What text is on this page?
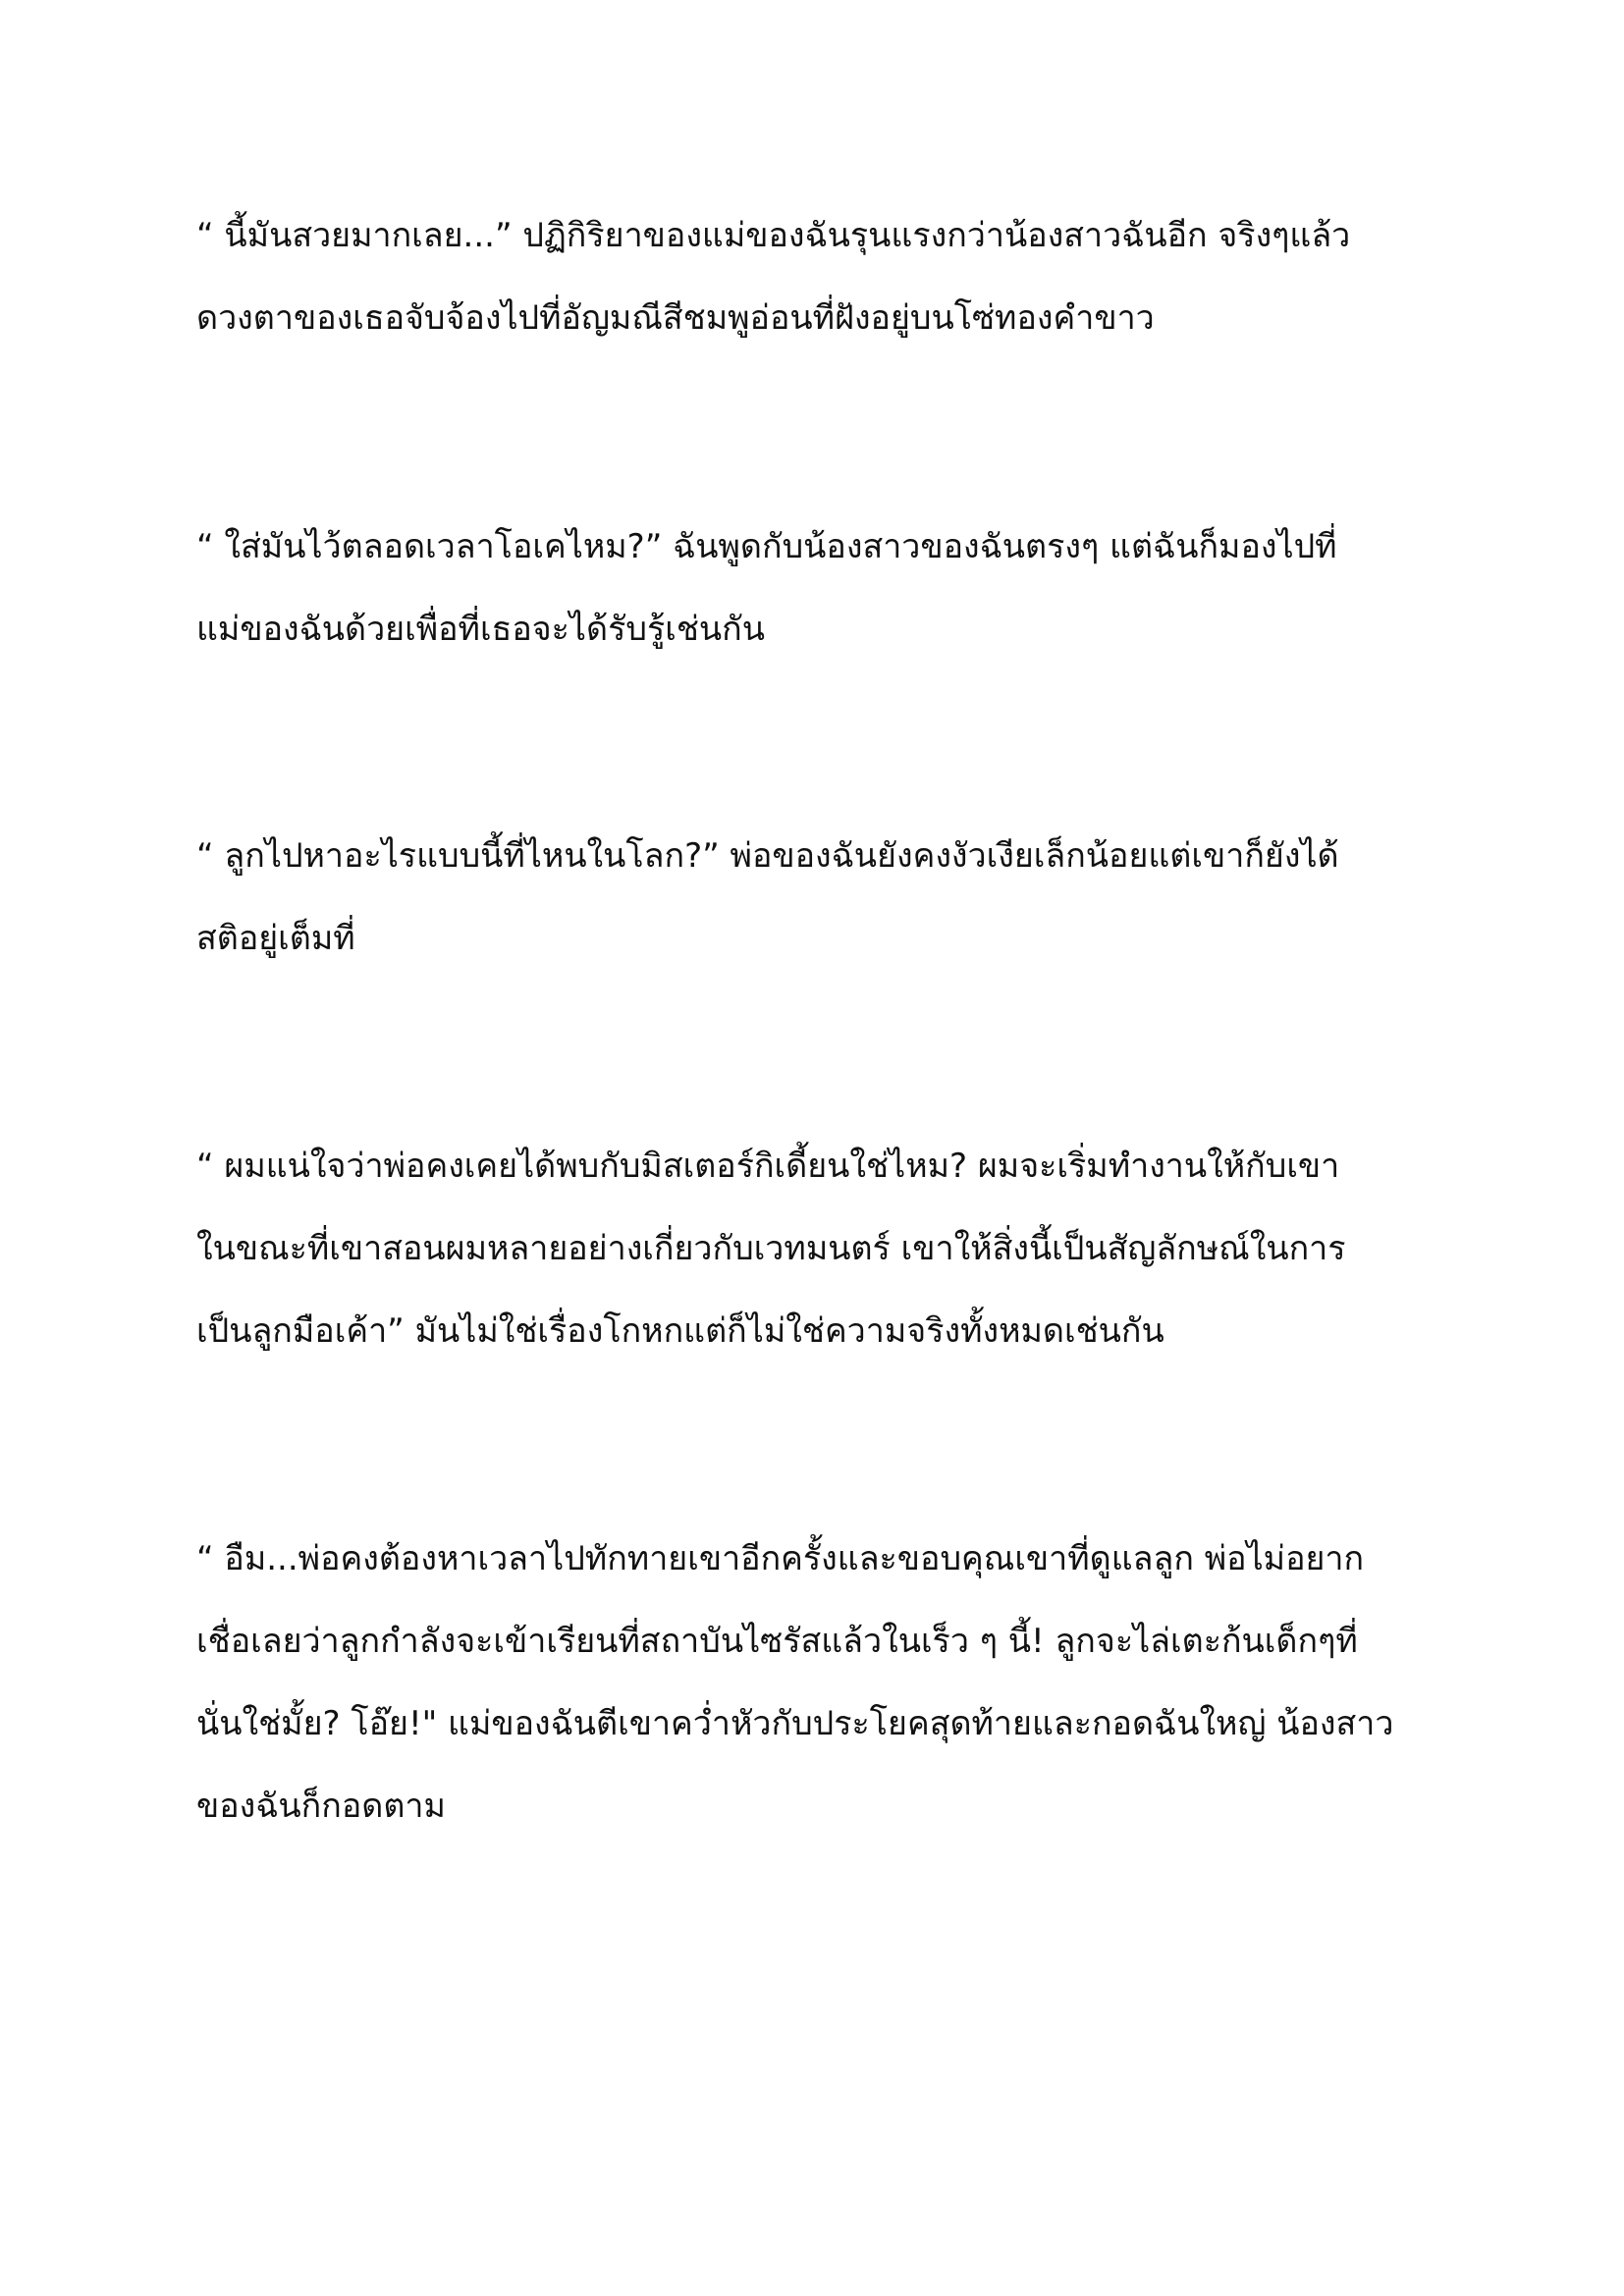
“ นี้มันสวยมากเลย...” ปฏิกิริยาของแม่ของฉันรุนแรงกว่าน้องสาวฉันอีก จริงๆแล้ว
ดวงตาของเธอจับจ้องไปที่อัญมณีสีชมพูอ่อนที่ฝังอยู่บนโซ่ทองคำขาว

“ ใส่มันไว้ตลอดเวลาโอเคไหม?” ฉันพูดกับน้องสาวของฉันตรงๆ แต่ฉันก็มองไปที่
แม่ของฉันด้วยเพื่อที่เธอจะได้รับรู้เช่นกัน

“ ลูกไปหาอะไรแบบนี้ที่ไหนในโลก?” พ่อของฉันยังคงงัวเงียเล็กน้อยแต่เขาก็ยังได้
สติอยู่เต็มที่

“ ผมแน่ใจว่าพ่อคงเคยได้พบกับมิสเตอร์กิเดี้ยนใช่ไหม? ผมจะเริ่มทำงานให้กับเขา
ในขณะที่เขาสอนผมหลายอย่างเกี่ยวกับเวทมนตร์ เขาให้สิ่งนี้เป็นสัญลักษณ์ในการ
เป็นลูกมือเค้า” มันไม่ใช่เรื่องโกหกแต่ก็ไม่ใช่ความจริงทั้งหมดเช่นกัน

“ อืม...พ่อคงต้องหาเวลาไปทักทายเขาอีกครั้งและขอบคุณเขาที่ดูแลลูก พ่อไม่อยาก
เชื่อเลยว่าลูกกำลังจะเข้าเรียนที่สถาบันไซรัสแล้วในเร็ว ๆ นี้! ลูกจะไล่เตะก้นเด็กๆที่
นั่นใช่มั้ย? โอ๊ย!" แม่ของฉันตีเขาคว่ำหัวกับประโยคสุดท้ายและกอดฉันใหญ่ น้องสาว
ของฉันก็กอดตาม
